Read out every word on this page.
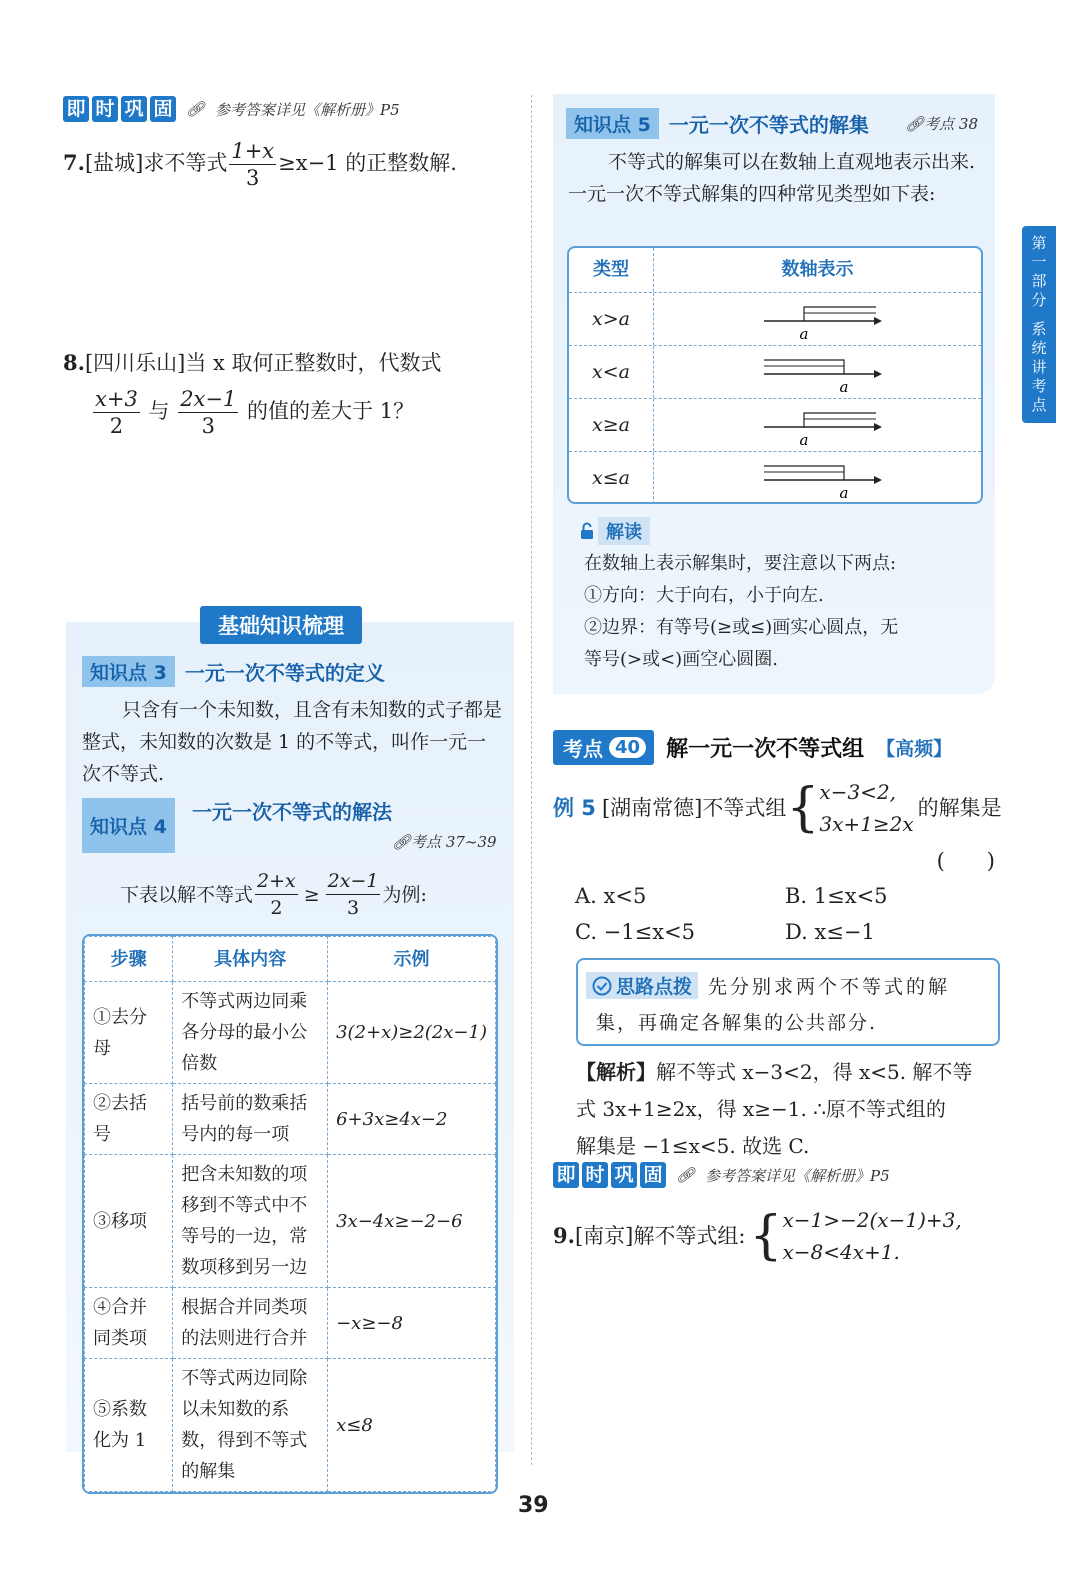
即 时 巩 固 🔗︎ 参考答案详见《解析册》P5
7.[盐城]求不等式 $\frac{1+x}{3} \ge x-1$ 的正整数解.
8.[四川乐山]当 x 取何正整数时，代数式
$\frac{x+3}{2}$ 与 $\frac{2x-1}{3}$ 的值的差大于 1？
基础知识梳理
知识点 3 一元一次不等式的定义
只含有一个未知数，且含有未知数的式子都是整式，未知数的次数是 1 的不等式，叫作一元一次不等式.
知识点 4
一元一次不等式的解法
🔗︎考点 37~39
下表以解不等式 $\frac{2+x}{2} \ge \frac{2x-1}{3}$ 为例:
步骤	具体内容	示例
①去分母	不等式两边同乘各分母的最小公倍数	3(2+x)≥2(2x−1)
②去括号	括号前的数乘括号内的每一项	6+3x≥4x−2
③移项	把含未知数的项移到不等式中不等号的一边，常数项移到另一边	3x−4x≥−2−6
④合并同类项	根据合并同类项的法则进行合并	−x≥−8
⑤系数化为 1	不等式两边同除以未知数的系数，得到不等式的解集	x≤8
知识点 5 一元一次不等式的解集 🔗︎考点 38
不等式的解集可以在数轴上直观地表示出来. 一元一次不等式解集的四种常见类型如下表:
类型	数轴表示
x>a
a
x<a
a
x≥a
a
x≤a
a
解读
在数轴上表示解集时，要注意以下两点:
①方向：大于向右，小于向左.
②边界：有等号(≥或≤)画实心圆点，无
等号(>或<)画空心圆圈.
考点 40 解一元一次不等式组 【高频】
例 5 [湖南常德] 不等式组 { x−3<2,
3x+1≥2x
的解集是
(　　)
A. x<5	B. 1≤x<5
C. −1≤x<5	D. x≤−1
思路点拨 先分别求两个不等式的解
集，再确定各解集的公共部分.
【解析】解不等式 x−3<2，得 x<5. 解不等
式 3x+1≥2x，得 x≥−1. ∴原不等式组的
解集是 −1≤x<5. 故选 C.
即 时 巩 固 🔗︎ 参考答案详见《解析册》P5
9. [南京] 解不等式组: { x−1>−2(x−1)+3,
x−8<4x+1.
第
一
部
分

系
统
讲
考
点
39
